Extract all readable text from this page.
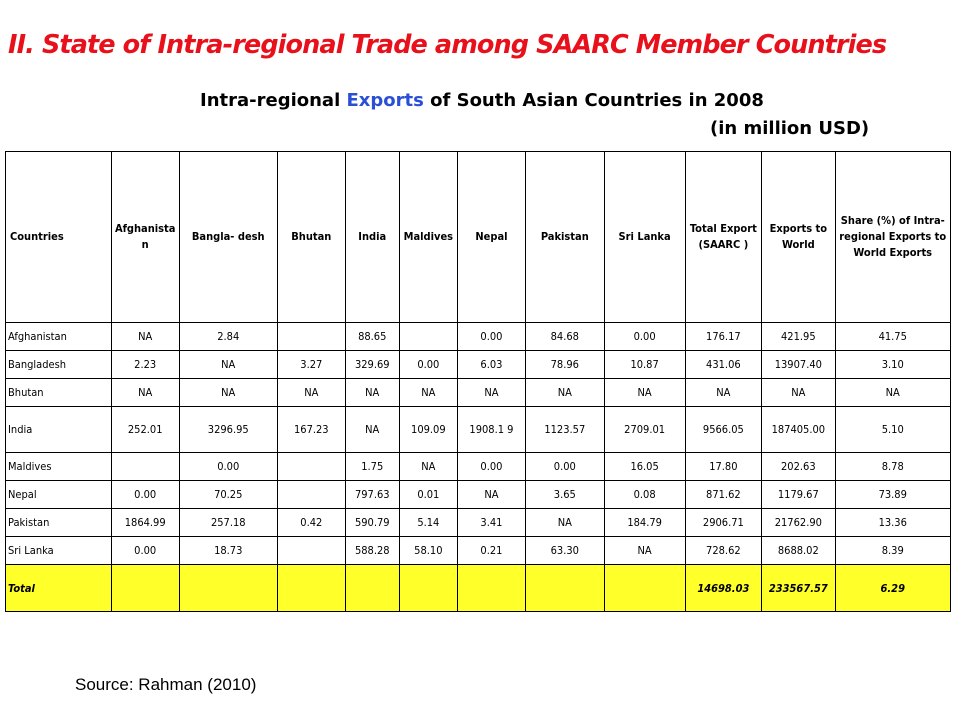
II. State of Intra-regional Trade among SAARC Member Countries
Intra-regional Exports of South Asian Countries in 2008
(in million USD)
Countries	Afghanista n	Bangla- desh	Bhutan	India	Maldives	Nepal	Pakistan	Sri Lanka	Total Export (SAARC )	Exports to World	Share (%) of Intra- regional Exports to World Exports
Afghanistan	NA	2.84		88.65		0.00	84.68	0.00	176.17	421.95	41.75
Bangladesh	2.23	NA	3.27	329.69	0.00	6.03	78.96	10.87	431.06	13907.40	3.10
Bhutan	NA	NA	NA	NA	NA	NA	NA	NA	NA	NA	NA
India	252.01	3296.95	167.23	NA	109.09	1908.1 9	1123.57	2709.01	9566.05	187405.00	5.10
Maldives		0.00		1.75	NA	0.00	0.00	16.05	17.80	202.63	8.78
Nepal	0.00	70.25		797.63	0.01	NA	3.65	0.08	871.62	1179.67	73.89
Pakistan	1864.99	257.18	0.42	590.79	5.14	3.41	NA	184.79	2906.71	21762.90	13.36
Sri Lanka	0.00	18.73		588.28	58.10	0.21	63.30	NA	728.62	8688.02	8.39
Total									14698.03	233567.57	6.29
Source: Rahman (2010)
